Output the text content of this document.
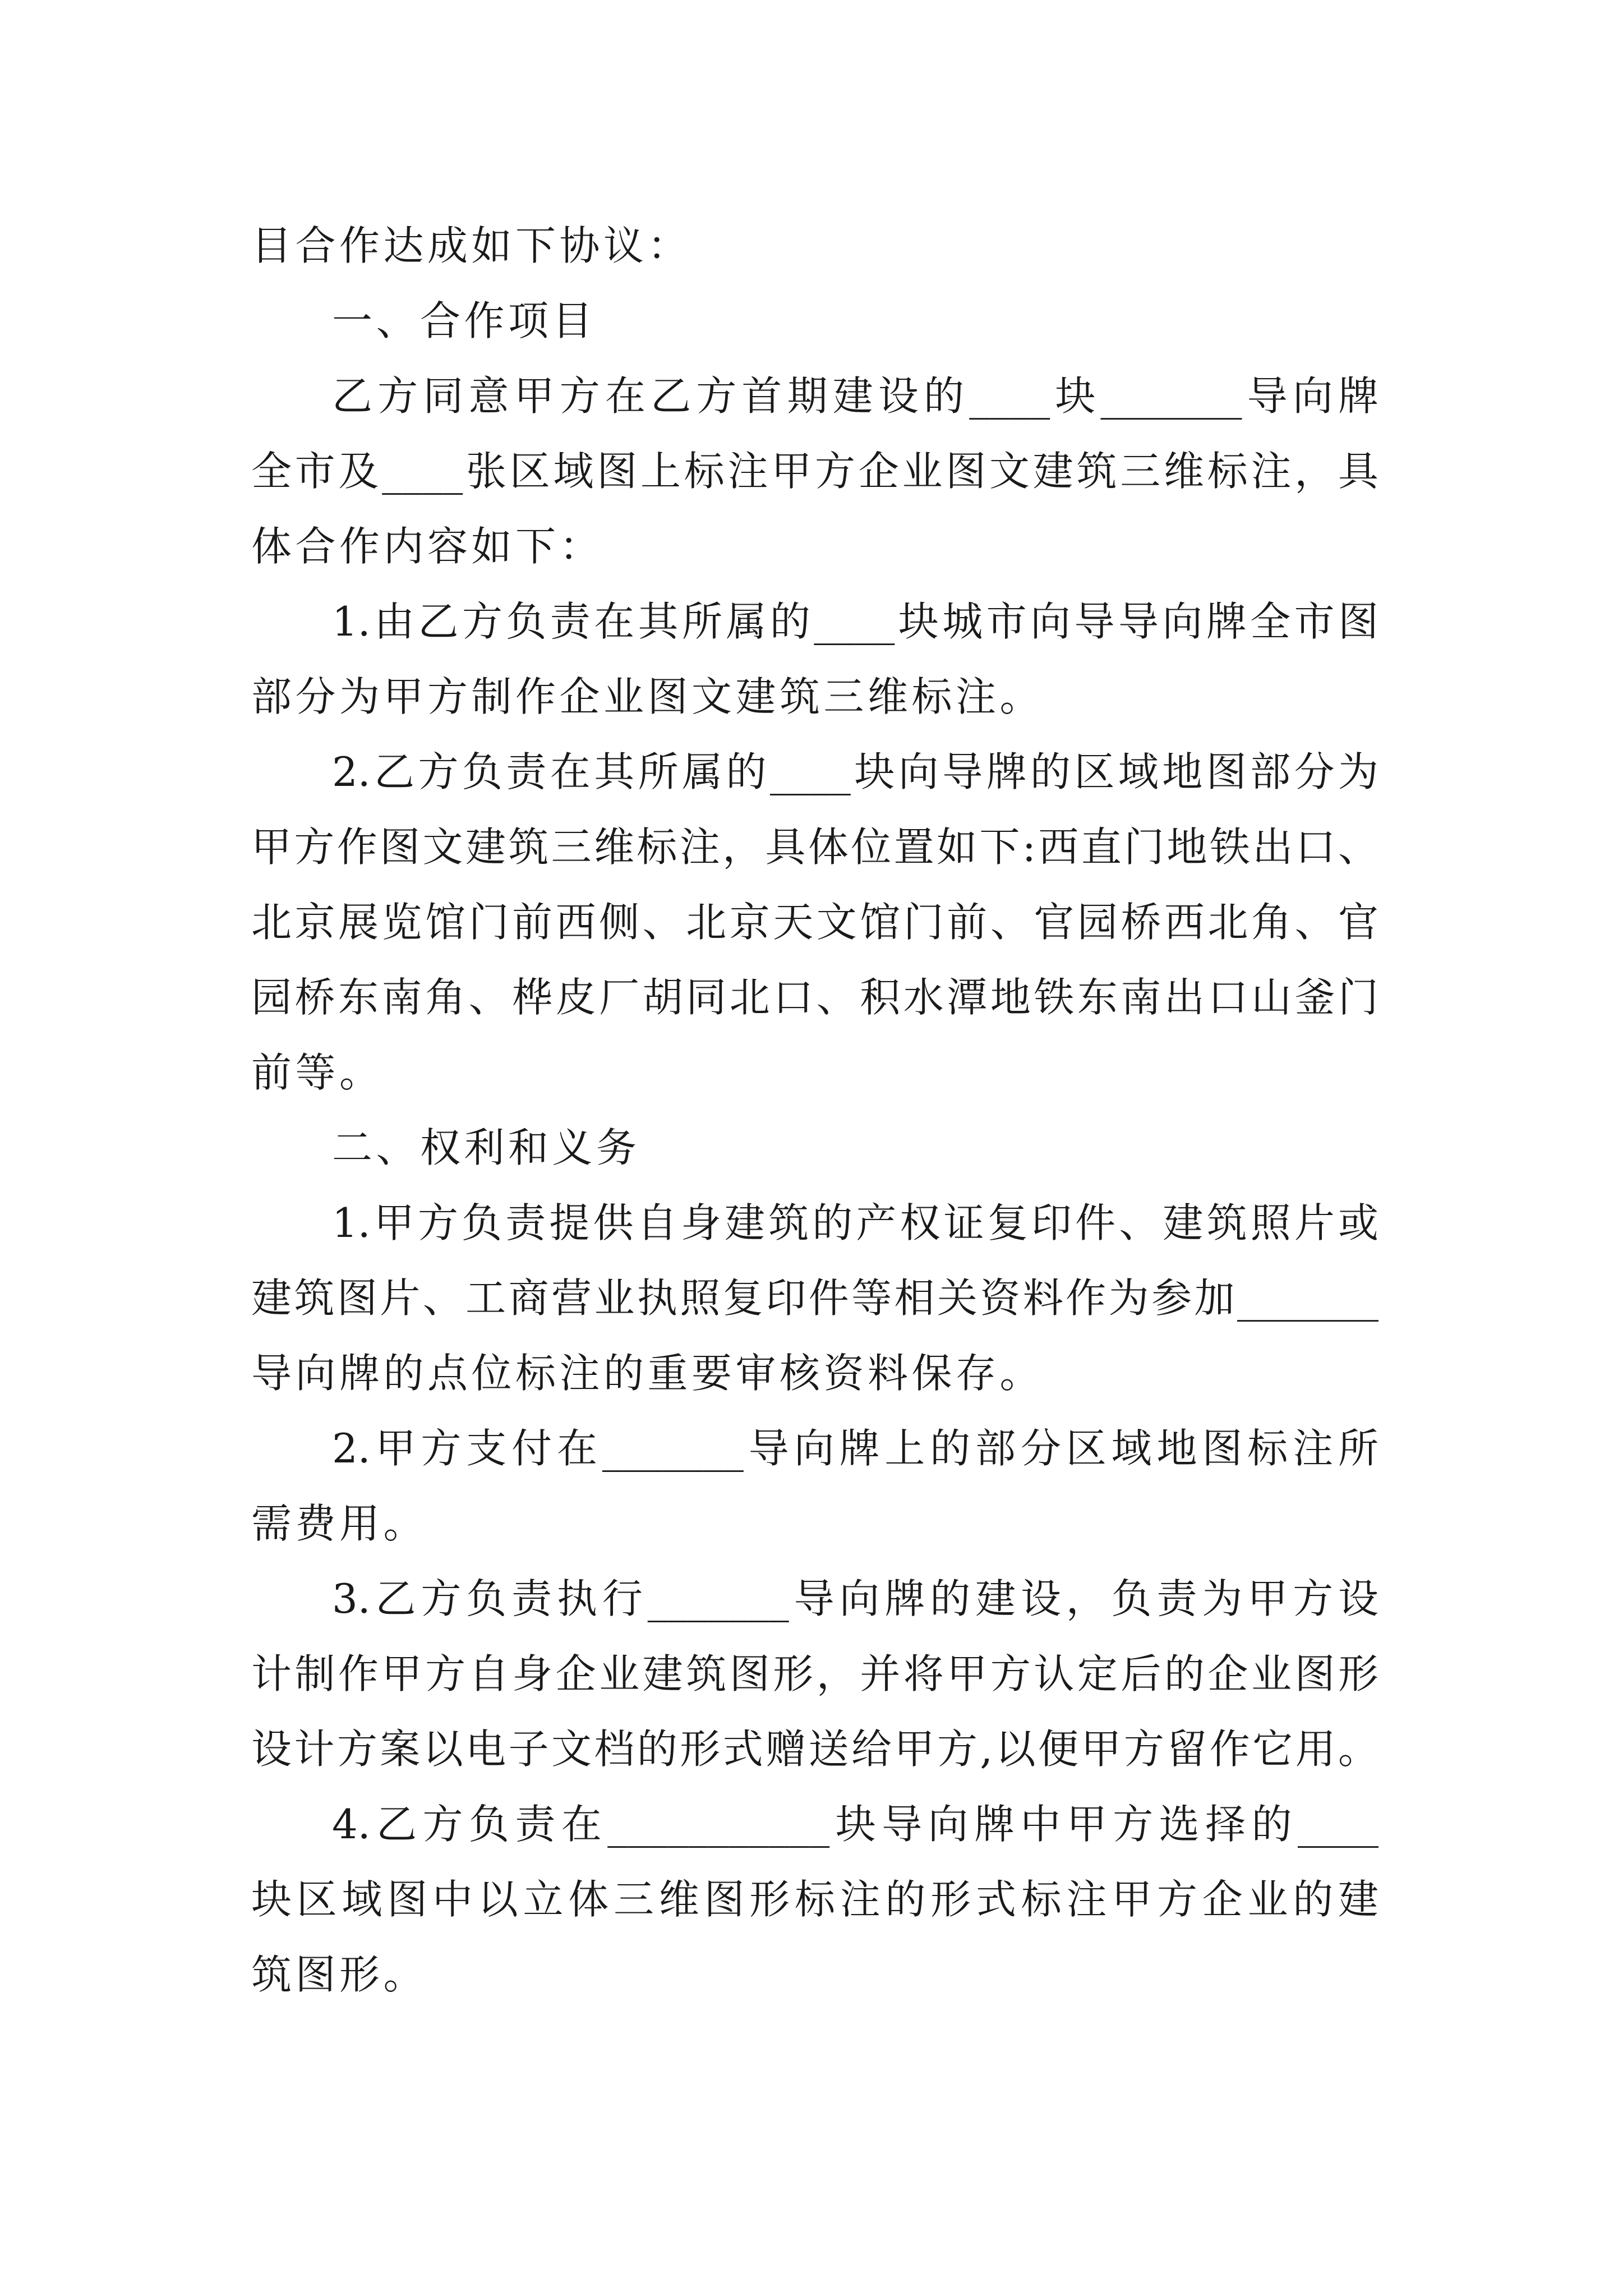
目合作达成如下协议：
一、合作项目
乙方同意甲方在乙方首期建设的____块_______导向牌
全市及____张区域图上标注甲方企业图文建筑三维标注，具
体合作内容如下：
1.由乙方负责在其所属的____块城市向导导向牌全市图
部分为甲方制作企业图文建筑三维标注。
2.乙方负责在其所属的____块向导牌的区域地图部分为
甲方作图文建筑三维标注，具体位置如下:西直门地铁出口、
北京展览馆门前西侧、北京天文馆门前、官园桥西北角、官
园桥东南角、桦皮厂胡同北口、积水潭地铁东南出口山釜门
前等。
二、权利和义务
1.甲方负责提供自身建筑的产权证复印件、建筑照片或
建筑图片、工商营业执照复印件等相关资料作为参加_______
导向牌的点位标注的重要审核资料保存。
2.甲方支付在_______导向牌上的部分区域地图标注所
需费用。
3.乙方负责执行_______导向牌的建设，负责为甲方设
计制作甲方自身企业建筑图形，并将甲方认定后的企业图形
设计方案以电子文档的形式赠送给甲方,以便甲方留作它用。
4.乙方负责在___________块导向牌中甲方选择的____
块区域图中以立体三维图形标注的形式标注甲方企业的建
筑图形。
